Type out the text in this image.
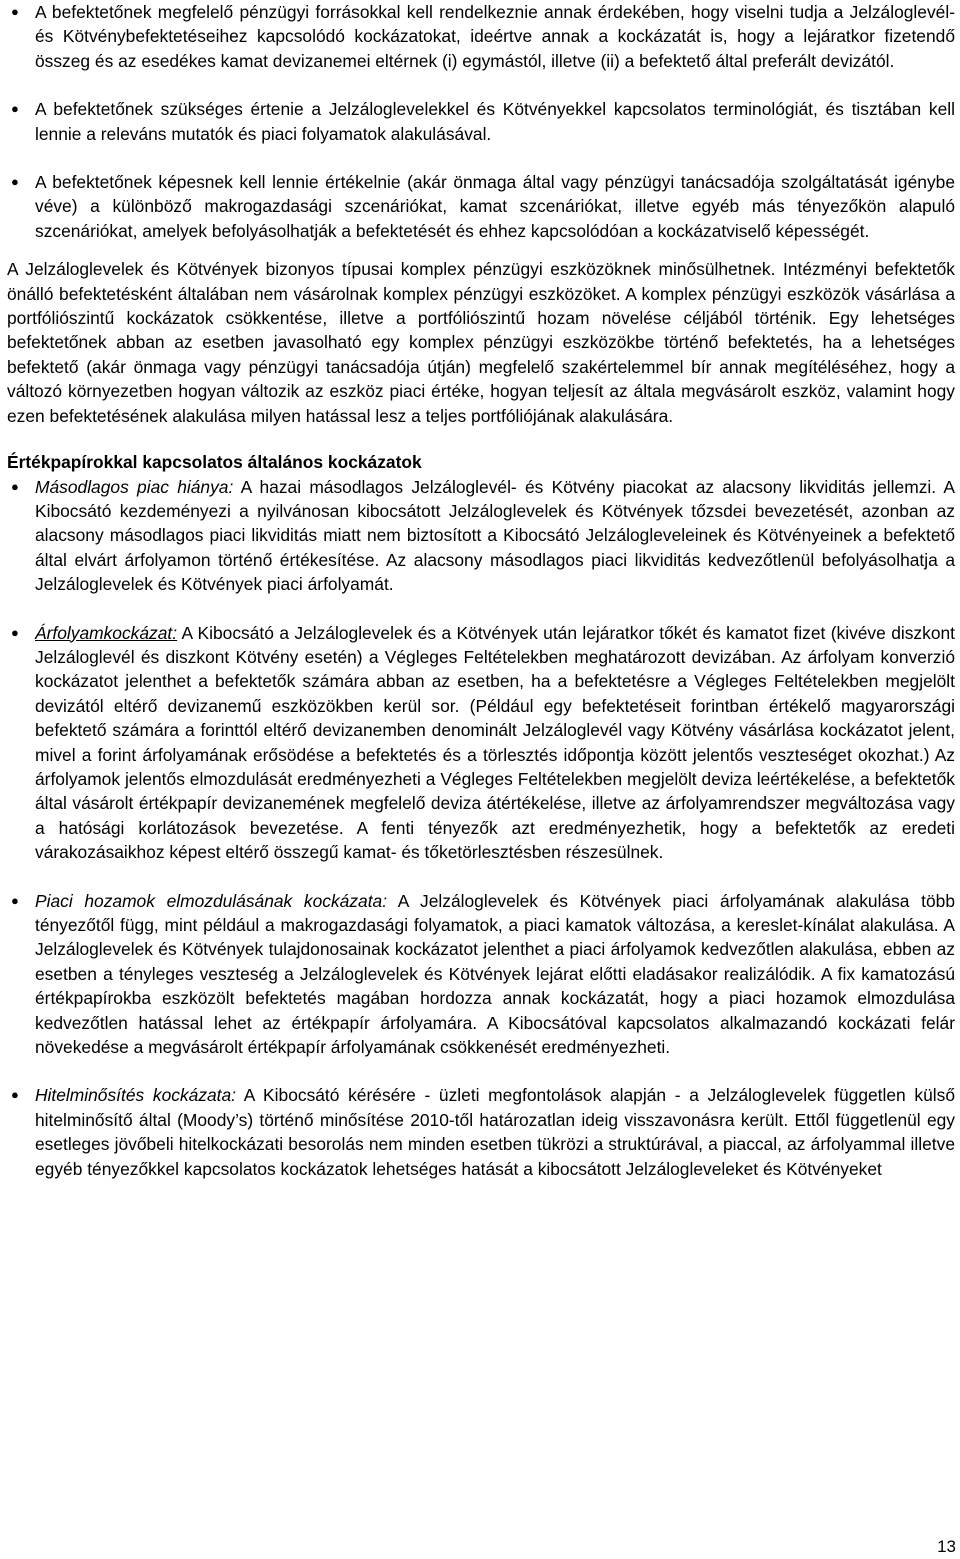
● A befektetőnek megfelelő pénzügyi forrásokkal kell rendelkeznie annak érdekében, hogy viselni tudja a Jelzáloglevél- és Kötvénybefektetéseihez kapcsolódó kockázatokat, ideértve annak a kockázatát is, hogy a lejáratkor fizetendő összeg és az esedékes kamat devizanemei eltérnek (i) egymástól, illetve (ii) a befektető által preferált devizától.
● A befektetőnek szükséges értenie a Jelzáloglevelekkel és Kötvényekkel kapcsolatos terminológiát, és tisztában kell lennie a releváns mutatók és piaci folyamatok alakulásával.
● A befektetőnek képesnek kell lennie értékelnie (akár önmaga által vagy pénzügyi tanácsadója szolgáltatását igénybe véve) a különböző makrogazdasági szcenáriókat, kamat szcenáriókat, illetve egyéb más tényezőkön alapuló szcenáriókat, amelyek befolyásolhatják a befektetését és ehhez kapcsolódóan a kockázatviselő képességét.

A Jelzáloglevelek és Kötvények bizonyos típusai komplex pénzügyi eszközöknek minősülhetnek. Intézményi befektetők önálló befektetésként általában nem vásárolnak komplex pénzügyi eszközöket. A komplex pénzügyi eszközök vásárlása a portfóliószintű kockázatok csökkentése, illetve a portfóliószintű hozam növelése céljából történik. Egy lehetséges befektetőnek abban az esetben javasolható egy komplex pénzügyi eszközökbe történő befektetés, ha a lehetséges befektető (akár önmaga vagy pénzügyi tanácsadója útján) megfelelő szakértelemmel bír annak megítéléséhez, hogy a változó környezetben hogyan változik az eszköz piaci értéke, hogyan teljesít az általa megvásárolt eszköz, valamint hogy ezen befektetésének alakulása milyen hatással lesz a teljes portfóliójának alakulására.

Értékpapírokkal kapcsolatos általános kockázatok

● Másodlagos piac hiánya: A hazai másodlagos Jelzáloglevél- és Kötvény piacokat az alacsony likviditás jellemzi. A Kibocsátó kezdeményezi a nyilvánosan kibocsátott Jelzáloglevelek és Kötvények tőzsdei bevezetését, azonban az alacsony másodlagos piaci likviditás miatt nem biztosított a Kibocsátó Jelzálogleveleinek és Kötvényeinek a befektető által elvárt árfolyamon történő értékesítése. Az alacsony másodlagos piaci likviditás kedvezőtlenül befolyásolhatja a Jelzáloglevelek és Kötvények piaci árfolyamát.
● Árfolyamkockázat: A Kibocsátó a Jelzáloglevelek és a Kötvények után lejáratkor tőkét és kamatot fizet (kivéve diszkont Jelzáloglevél és diszkont Kötvény esetén) a Végleges Feltételekben meghatározott devizában. Az árfolyam konverzió kockázatot jelenthet a befektetők számára abban az esetben, ha a befektetésre a Végleges Feltételekben megjelölt devizától eltérő devizanemű eszközökben kerül sor. (Például egy befektetéseit forintban értékelő magyarországi befektető számára a forinttól eltérő devizanemben denominált Jelzáloglevél vagy Kötvény vásárlása kockázatot jelent, mivel a forint árfolyamának erősödése a befektetés és a törlesztés időpontja között jelentős veszteséget okozhat.) Az árfolyamok jelentős elmozdulását eredményezheti a Végleges Feltételekben megjelölt deviza leértékelése, a befektetők által vásárolt értékpapír devizanemének megfelelő deviza átértékelése, illetve az árfolyamrendszer megváltozása vagy a hatósági korlátozások bevezetése. A fenti tényezők azt eredményezhetik, hogy a befektetők az eredeti várakozásaikhoz képest eltérő összegű kamat- és tőketörlesztésben részesülnek.
● Piaci hozamok elmozdulásának kockázata: A Jelzáloglevelek és Kötvények piaci árfolyamának alakulása több tényezőtől függ, mint például a makrogazdasági folyamatok, a piaci kamatok változása, a kereslet-kínálat alakulása. A Jelzáloglevelek és Kötvények tulajdonosainak kockázatot jelenthet a piaci árfolyamok kedvezőtlen alakulása, ebben az esetben a tényleges veszteség a Jelzáloglevelek és Kötvények lejárat előtti eladásakor realizálódik. A fix kamatozású értékpapírokba eszközölt befektetés magában hordozza annak kockázatát, hogy a piaci hozamok elmozdulása kedvezőtlen hatással lehet az értékpapír árfolyamára. A Kibocsátóval kapcsolatos alkalmazandó kockázati felár növekedése a megvásárolt értékpapír árfolyamának csökkenését eredményezheti.
● Hitelminősítés kockázata: A Kibocsátó kérésére - üzleti megfontolások alapján - a Jelzáloglevelek független külső hitelminősítő által (Moody’s) történő minősítése 2010-től határozatlan ideig visszavonásra került. Ettől függetlenül egy esetleges jövőbeli hitelkockázati besorolás nem minden esetben tükrözi a struktúrával, a piaccal, az árfolyammal illetve egyéb tényezőkkel kapcsolatos kockázatok lehetséges hatását a kibocsátott Jelzálogleveleket és Kötvényeket
13
